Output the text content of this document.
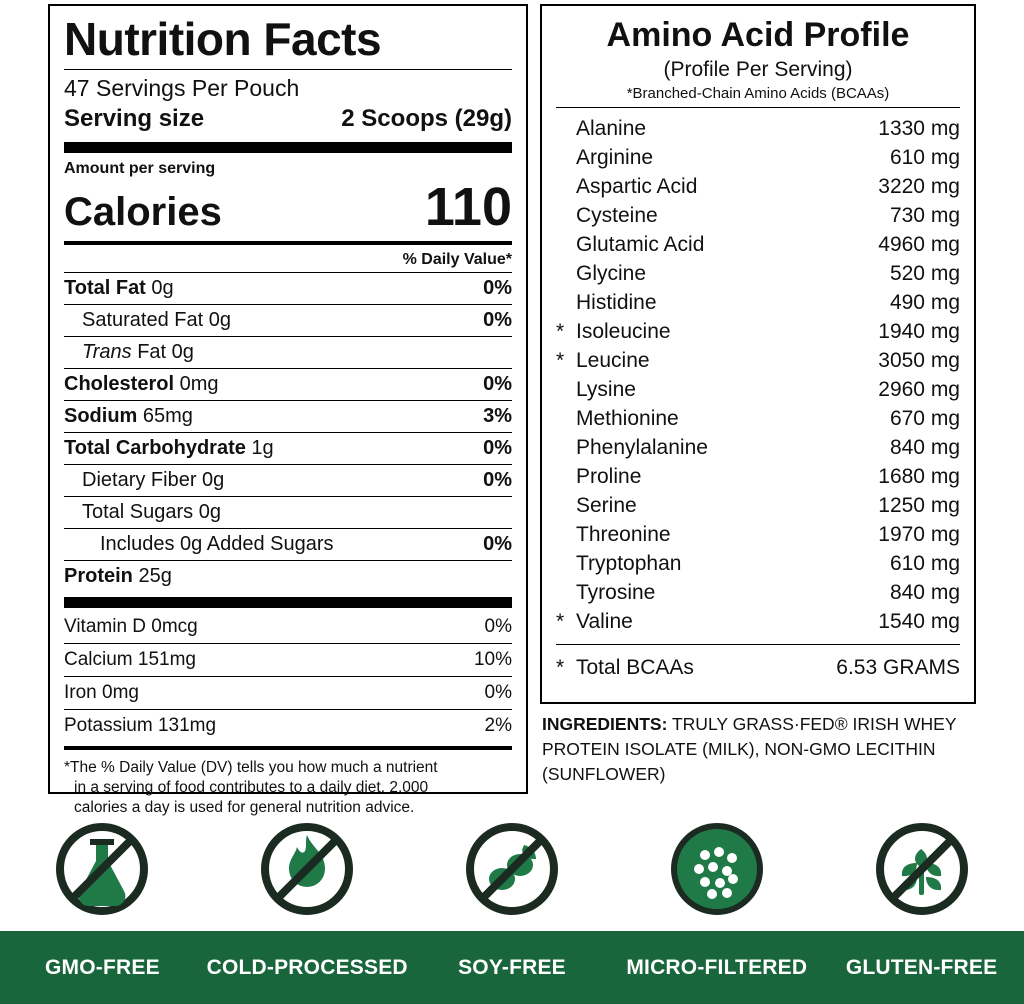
Nutrition Facts
47 Servings Per Pouch
Serving size	2 Scoops (29g)
Amount per serving
Calories	110
% Daily Value*
Total Fat 0g	0%
Saturated Fat 0g	0%
Trans Fat 0g
Cholesterol 0mg	0%
Sodium 65mg	3%
Total Carbohydrate 1g	0%
Dietary Fiber 0g	0%
Total Sugars 0g
Includes 0g Added Sugars	0%
Protein 25g
Vitamin D 0mcg	0%
Calcium 151mg	10%
Iron 0mg	0%
Potassium 131mg	2%
*The % Daily Value (DV) tells you how much a nutrient
in a serving of food contributes to a daily diet. 2,000
calories a day is used for general nutrition advice.
Amino Acid Profile
(Profile Per Serving)
*Branched-Chain Amino Acids (BCAAs)
Alanine	1330 mg
Arginine	610 mg
Aspartic Acid	3220 mg
Cysteine	730 mg
Glutamic Acid	4960 mg
Glycine	520 mg
Histidine	490 mg
* Isoleucine	1940 mg
* Leucine	3050 mg
Lysine	2960 mg
Methionine	670 mg
Phenylalanine	840 mg
Proline	1680 mg
Serine	1250 mg
Threonine	1970 mg
Tryptophan	610 mg
Tyrosine	840 mg
* Valine	1540 mg
* Total BCAAs	6.53 GRAMS
INGREDIENTS: TRULY GRASS·FED® IRISH WHEY PROTEIN ISOLATE (MILK), NON-GMO LECITHIN (SUNFLOWER)
GMO-FREE	COLD-PROCESSED	SOY-FREE	MICRO-FILTERED	GLUTEN-FREE
